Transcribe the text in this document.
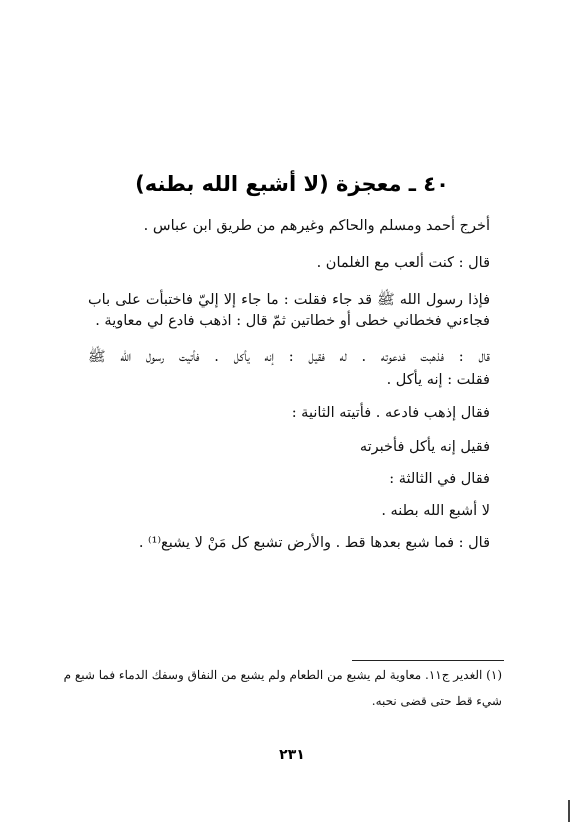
٤٠ ـ معجزة (لا أشبع الله بطنه)
أخرج أحمد ومسلم والحاكم وغيرهم من طريق ابن عباس .
قال : كنت ألعب مع الغلمان .
فإذا رسول الله ﷺ قد جاء فقلت : ما جاء إلا إليّ فاختبأت على باب
فجاءني فخطاني خطى أو خطاتين ثمّ قال : اذهب فادع لي معاوية .
قال : فذهبت فدعوته . له فقيل : إنه يأكل . فأتيت رسول الله ﷺ
فقلت : إنه يأكل .
فقال إذهب فادعه . فأتيته الثانية :
فقيل إنه يأكل فأخبرته
فقال في الثالثة :
لا أشبع الله بطنه .
قال : فما شبع بعدها قط . والأرض تشبع كل مَنْ لا يشبع⁽¹⁾ .
(١) الغدير ج١١. معاوية لم يشبع من الطعام ولم يشبع من النفاق وسفك الدماء فما شبع م
شيء قط حتى قضى نحبه.
٢٣١
